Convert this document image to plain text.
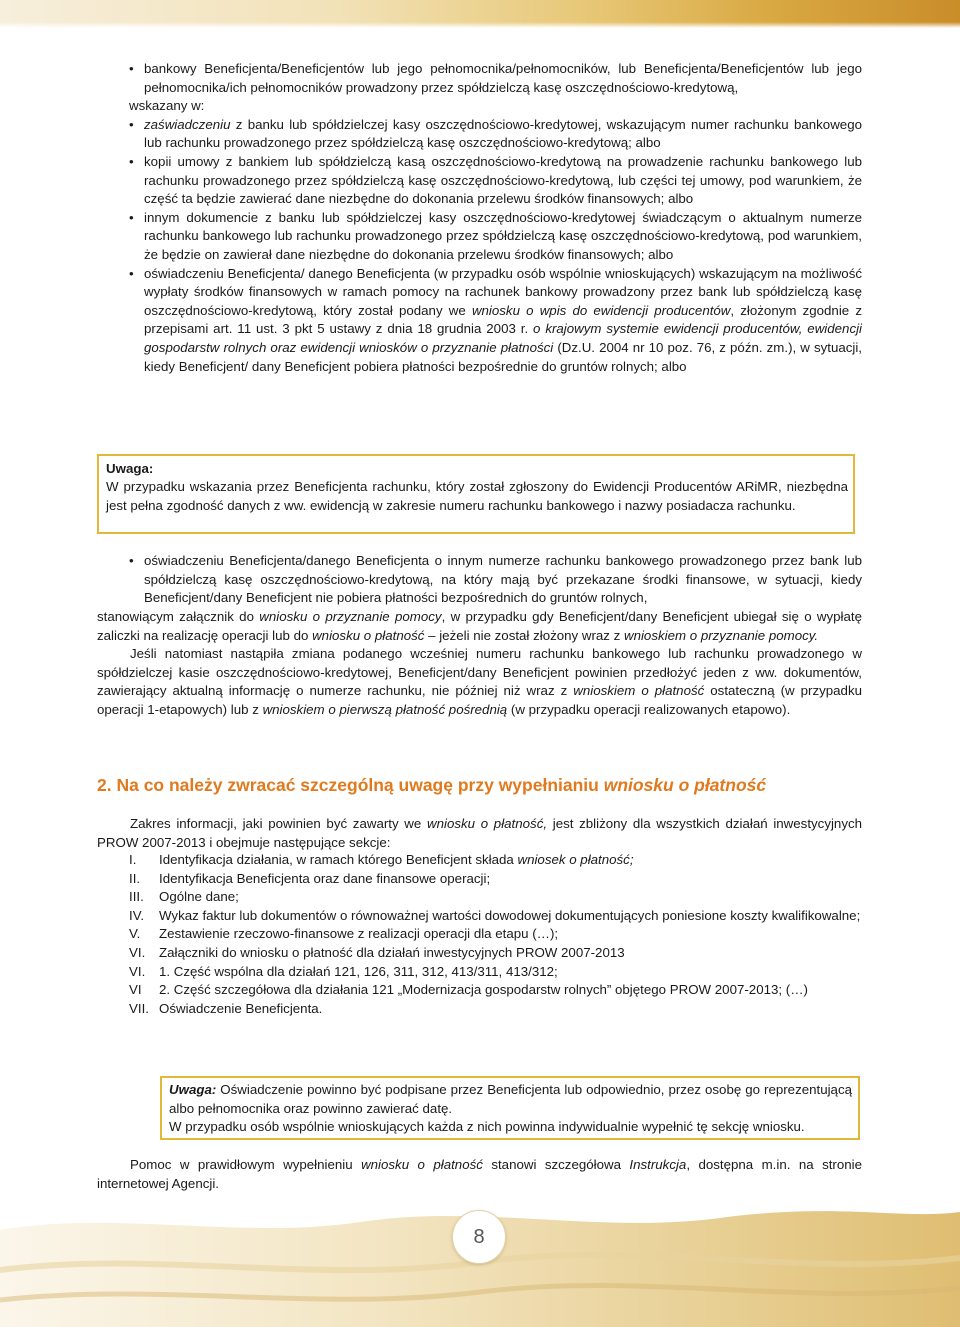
• bankowy Beneficjenta/Beneficjentów lub jego pełnomocnika/pełnomocników, lub Beneficjenta/Beneficjentów lub jego pełnomocnika/ich pełnomocników prowadzony przez spółdzielczą kasę oszczędnościowo-kredytową,
wskazany w:
• zaświadczeniu z banku lub spółdzielczej kasy oszczędnościowo-kredytowej, wskazującym numer rachunku bankowego lub rachunku prowadzonego przez spółdzielczą kasę oszczędnościowo-kredytową; albo
• kopii umowy z bankiem lub spółdzielczą kasą oszczędnościowo-kredytową na prowadzenie rachunku bankowego lub rachunku prowadzonego przez spółdzielczą kasę oszczędnościowo-kredytową, lub części tej umowy, pod warunkiem, że część ta będzie zawierać dane niezbędne do dokonania przelewu środków finansowych; albo
• innym dokumencie z banku lub spółdzielczej kasy oszczędnościowo-kredytowej świadczącym o aktualnym numerze rachunku bankowego lub rachunku prowadzonego przez spółdzielczą kasę oszczędnościowo-kredytową, pod warunkiem, że będzie on zawierał dane niezbędne do dokonania przelewu środków finansowych; albo
• oświadczeniu Beneficjenta/ danego Beneficjenta (w przypadku osób wspólnie wnioskujących) wskazującym na możliwość wypłaty środków finansowych w ramach pomocy na rachunek bankowy prowadzony przez bank lub spółdzielczą kasę oszczędnościowo-kredytową, który został podany we wniosku o wpis do ewidencji producentów, złożonym zgodnie z przepisami art. 11 ust. 3 pkt 5 ustawy z dnia 18 grudnia 2003 r. o krajowym systemie ewidencji producentów, ewidencji gospodarstw rolnych oraz ewidencji wniosków o przyznanie płatności (Dz.U. 2004 nr 10 poz. 76, z późn. zm.), w sytuacji, kiedy Beneficjent/ dany Beneficjent pobiera płatności bezpośrednie do gruntów rolnych; albo
Uwaga:
W przypadku wskazania przez Beneficjenta rachunku, który został zgłoszony do Ewidencji Producentów ARiMR, niezbędna jest pełna zgodność danych z ww. ewidencją w zakresie numeru rachunku bankowego i nazwy posiadacza rachunku.
• oświadczeniu Beneficjenta/danego Beneficjenta o innym numerze rachunku bankowego prowadzonego przez bank lub spółdzielczą kasę oszczędnościowo-kredytową, na który mają być przekazane środki finansowe, w sytuacji, kiedy Beneficjent/dany Beneficjent nie pobiera płatności bezpośrednich do gruntów rolnych,

stanowiącym załącznik do wniosku o przyznanie pomocy, w przypadku gdy Beneficjent/dany Beneficjent ubiegał się o wypłatę zaliczki na realizację operacji lub do wniosku o płatność – jeżeli nie został złożony wraz z wnioskiem o przyznanie pomocy.

Jeśli natomiast nastąpiła zmiana podanego wcześniej numeru rachunku bankowego lub rachunku prowadzonego w spółdzielczej kasie oszczędnościowo-kredytowej, Beneficjent/dany Beneficjent powinien przedłożyć jeden z ww. dokumentów, zawierający aktualną informację o numerze rachunku, nie później niż wraz z wnioskiem o płatność ostateczną (w przypadku operacji 1-etapowych) lub z wnioskiem o pierwszą płatność pośrednią (w przypadku operacji realizowanych etapowo).

2. Na co należy zwracać szczególną uwagę przy wypełnianiu wniosku o płatność

Zakres informacji, jaki powinien być zawarty we wniosku o płatność, jest zbliżony dla wszystkich działań inwestycyjnych PROW 2007-2013 i obejmuje następujące sekcje:

I.	Identyfikacja działania, w ramach którego Beneficjent składa wniosek o płatność;
II.	Identyfikacja Beneficjenta oraz dane finansowe operacji;
III.	Ogólne dane;
IV.	Wykaz faktur lub dokumentów o równoważnej wartości dowodowej dokumentujących poniesione koszty kwalifikowalne;
V.	Zestawienie rzeczowo-finansowe z realizacji operacji dla etapu (…);
VI.	Załączniki do wniosku o płatność dla działań inwestycyjnych PROW 2007-2013
VI.	1. Część wspólna dla działań 121, 126, 311, 312, 413/311, 413/312;
VI	2. Część szczegółowa dla działania 121 „Modernizacja gospodarstw rolnych” objętego PROW 2007-2013; (…)
VII. Oświadczenie Beneficjenta.
Uwaga: Oświadczenie powinno być podpisane przez Beneficjenta lub odpowiednio, przez osobę go reprezentującą albo pełnomocnika oraz powinno zawierać datę.
W przypadku osób wspólnie wnioskujących każda z nich powinna indywidualnie wypełnić tę sekcję wniosku.

Pomoc w prawidłowym wypełnieniu wniosku o płatność stanowi szczegółowa Instrukcja, dostępna m.in. na stronie internetowej Agencji.

8
